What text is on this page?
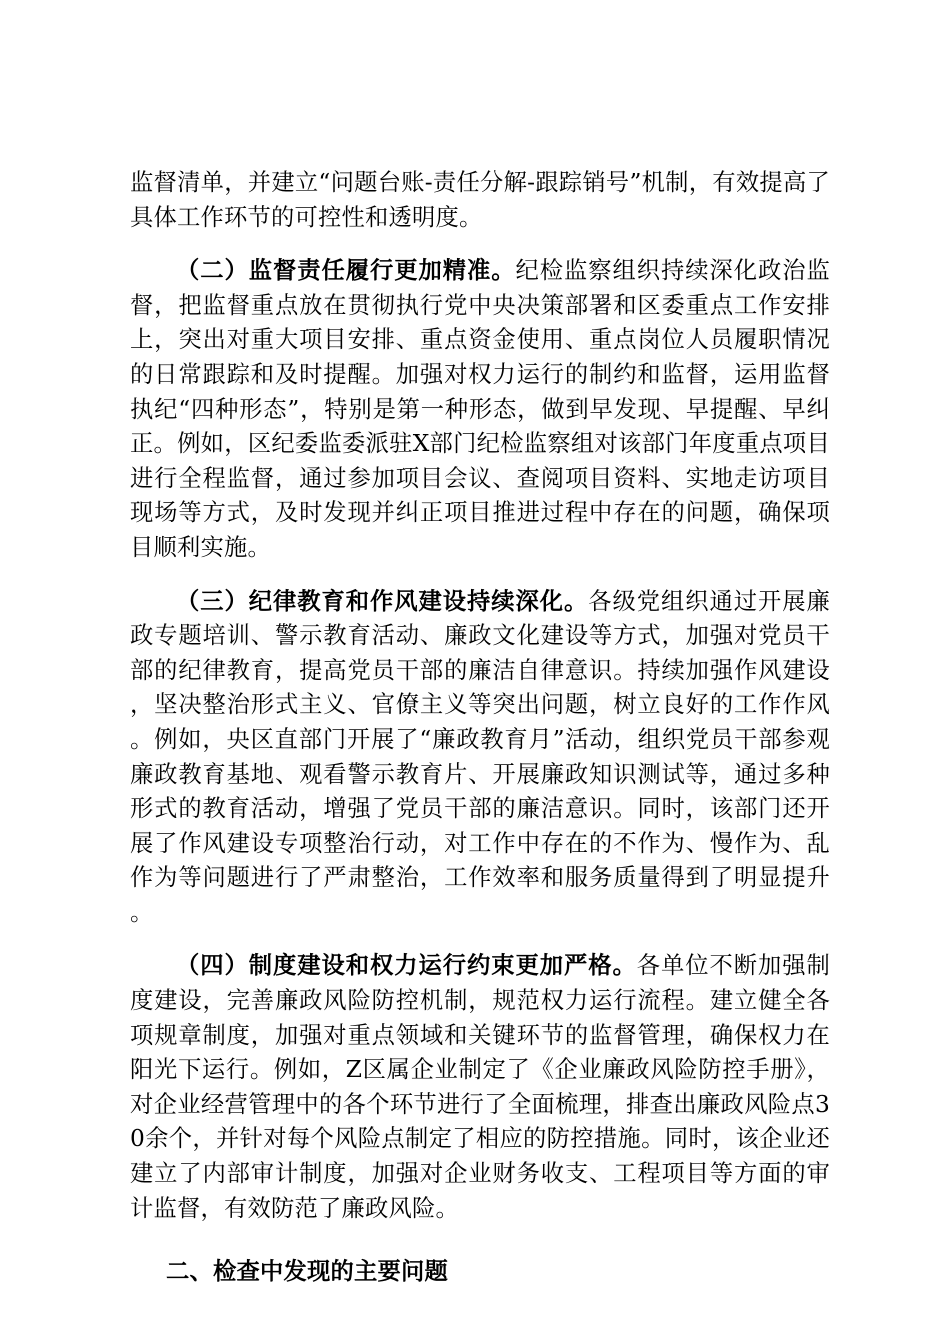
监督清单，并建立“问题台账-责任分解-跟踪销号”机制，有效提高了具体工作环节的可控性和透明度。

（二）监督责任履行更加精准。纪检监察组织持续深化政治监督，把监督重点放在贯彻执行党中央决策部署和区委重点工作安排上，突出对重大项目安排、重点资金使用、重点岗位人员履职情况的日常跟踪和及时提醒。加强对权力运行的制约和监督，运用监督执纪“四种形态”，特别是第一种形态，做到早发现、早提醒、早纠正。例如，区纪委监委派驻X部门纪检监察组对该部门年度重点项目进行全程监督，通过参加项目会议、查阅项目资料、实地走访项目现场等方式，及时发现并纠正项目推进过程中存在的问题，确保项目顺利实施。

（三）纪律教育和作风建设持续深化。各级党组织通过开展廉政专题培训、警示教育活动、廉政文化建设等方式，加强对党员干部的纪律教育，提高党员干部的廉洁自律意识。持续加强作风建设，坚决整治形式主义、官僚主义等突出问题，树立良好的工作作风。例如，央区直部门开展了“廉政教育月”活动，组织党员干部参观廉政教育基地、观看警示教育片、开展廉政知识测试等，通过多种形式的教育活动，增强了党员干部的廉洁意识。同时，该部门还开展了作风建设专项整治行动，对工作中存在的不作为、慢作为、乱作为等问题进行了严肃整治，工作效率和服务质量得到了明显提升。

（四）制度建设和权力运行约束更加严格。各单位不断加强制度建设，完善廉政风险防控机制，规范权力运行流程。建立健全各项规章制度，加强对重点领域和关键环节的监督管理，确保权力在阳光下运行。例如，Z区属企业制定了《企业廉政风险防控手册》，对企业经营管理中的各个环节进行了全面梳理，排查出廉政风险点30余个，并针对每个风险点制定了相应的防控措施。同时，该企业还建立了内部审计制度，加强对企业财务收支、工程项目等方面的审计监督，有效防范了廉政风险。

二、检查中发现的主要问题
